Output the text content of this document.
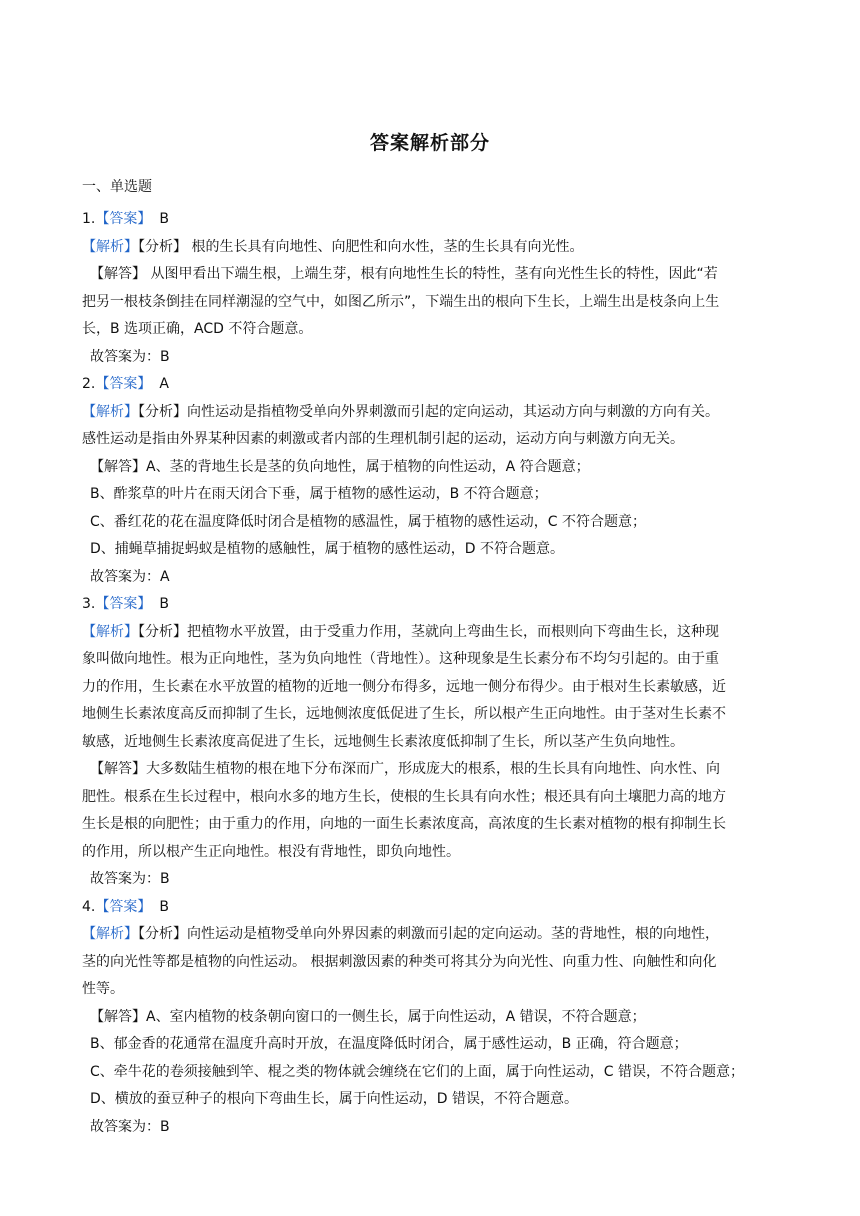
答案解析部分
一、单选题
1.【答案】 B
【解析】【分析】 根的生长具有向地性、向肥性和向水性，茎的生长具有向光性。
【解答】 从图甲看出下端生根，上端生芽，根有向地性生长的特性，茎有向光性生长的特性，因此“若
把另一根枝条倒挂在同样潮湿的空气中，如图乙所示”，下端生出的根向下生长，上端生出是枝条向上生
长，B 选项正确，ACD 不符合题意。
故答案为：B
2.【答案】 A
【解析】【分析】向性运动是指植物受单向外界刺激而引起的定向运动，其运动方向与刺激的方向有关。
感性运动是指由外界某种因素的刺激或者内部的生理机制引起的运动，运动方向与刺激方向无关。
【解答】A、茎的背地生长是茎的负向地性，属于植物的向性运动，A 符合题意；
B、酢浆草的叶片在雨天闭合下垂，属于植物的感性运动，B 不符合题意；
C、番红花的花在温度降低时闭合是植物的感温性，属于植物的感性运动，C 不符合题意；
D、捕蝇草捕捉蚂蚁是植物的感触性，属于植物的感性运动，D 不符合题意。
故答案为：A
3.【答案】 B
【解析】【分析】把植物水平放置，由于受重力作用，茎就向上弯曲生长，而根则向下弯曲生长，这种现
象叫做向地性。根为正向地性，茎为负向地性（背地性）。这种现象是生长素分布不均匀引起的。由于重
力的作用，生长素在水平放置的植物的近地一侧分布得多，远地一侧分布得少。由于根对生长素敏感，近
地侧生长素浓度高反而抑制了生长，远地侧浓度低促进了生长，所以根产生正向地性。由于茎对生长素不
敏感，近地侧生长素浓度高促进了生长，远地侧生长素浓度低抑制了生长，所以茎产生负向地性。
【解答】大多数陆生植物的根在地下分布深而广，形成庞大的根系，根的生长具有向地性、向水性、向
肥性。根系在生长过程中，根向水多的地方生长，使根的生长具有向水性；根还具有向土壤肥力高的地方
生长是根的向肥性；由于重力的作用，向地的一面生长素浓度高，高浓度的生长素对植物的根有抑制生长
的作用，所以根产生正向地性。根没有背地性，即负向地性。
故答案为：B
4.【答案】 B
【解析】【分析】向性运动是植物受单向外界因素的刺激而引起的定向运动。茎的背地性，根的向地性，
茎的向光性等都是植物的向性运动。 根据刺激因素的种类可将其分为向光性、向重力性、向触性和向化
性等。
【解答】A、室内植物的枝条朝向窗口的一侧生长，属于向性运动，A 错误，不符合题意；
B、郁金香的花通常在温度升高时开放，在温度降低时闭合，属于感性运动，B 正确，符合题意；
C、牵牛花的卷须接触到竿、棍之类的物体就会缠绕在它们的上面，属于向性运动，C 错误，不符合题意；
D、横放的蚕豆种子的根向下弯曲生长，属于向性运动，D 错误，不符合题意。
故答案为：B
